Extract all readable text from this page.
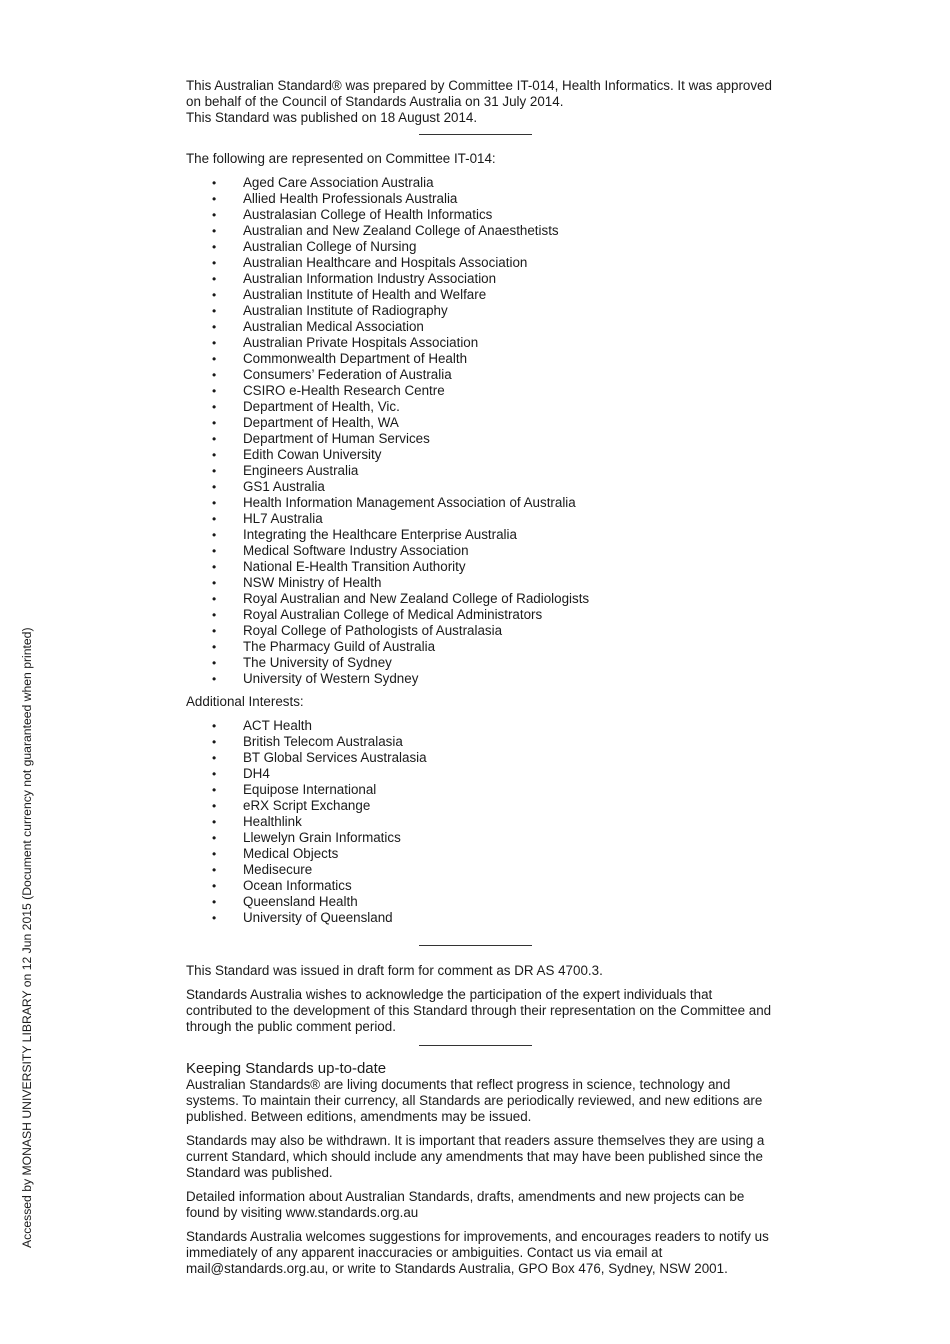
This Australian Standard® was prepared by Committee IT-014, Health Informatics. It was approved on behalf of the Council of Standards Australia on 31 July 2014.

This Standard was published on 18 August 2014.

The following are represented on Committee IT-014:

• Aged Care Association Australia
• Allied Health Professionals Australia
• Australasian College of Health Informatics
• Australian and New Zealand College of Anaesthetists
• Australian College of Nursing
• Australian Healthcare and Hospitals Association
• Australian Information Industry Association
• Australian Institute of Health and Welfare
• Australian Institute of Radiography
• Australian Medical Association
• Australian Private Hospitals Association
• Commonwealth Department of Health
• Consumers’ Federation of Australia
• CSIRO e-Health Research Centre
• Department of Health, Vic.
• Department of Health, WA
• Department of Human Services
• Edith Cowan University
• Engineers Australia
• GS1 Australia
• Health Information Management Association of Australia
• HL7 Australia
• Integrating the Healthcare Enterprise Australia
• Medical Software Industry Association
• National E-Health Transition Authority
• NSW Ministry of Health
• Royal Australian and New Zealand College of Radiologists
• Royal Australian College of Medical Administrators
• Royal College of Pathologists of Australasia
• The Pharmacy Guild of Australia
• The University of Sydney
• University of Western Sydney

Additional Interests:

• ACT Health
• British Telecom Australasia
• BT Global Services Australasia
• DH4
• Equipose International
• eRX Script Exchange
• Healthlink
• Llewelyn Grain Informatics
• Medical Objects
• Medisecure
• Ocean Informatics
• Queensland Health
• University of Queensland

This Standard was issued in draft form for comment as DR AS 4700.3.

Standards Australia wishes to acknowledge the participation of the expert individuals that contributed to the development of this Standard through their representation on the Committee and through the public comment period.

Keeping Standards up-to-date

Australian Standards® are living documents that reflect progress in science, technology and systems. To maintain their currency, all Standards are periodically reviewed, and new editions are published. Between editions, amendments may be issued.

Standards may also be withdrawn. It is important that readers assure themselves they are using a current Standard, which should include any amendments that may have been published since the Standard was published.

Detailed information about Australian Standards, drafts, amendments and new projects can be found by visiting www.standards.org.au

Standards Australia welcomes suggestions for improvements, and encourages readers to notify us immediately of any apparent inaccuracies or ambiguities. Contact us via email at mail@standards.org.au, or write to Standards Australia, GPO Box 476, Sydney, NSW 2001.

Accessed by MONASH UNIVERSITY LIBRARY on 12 Jun 2015 (Document currency not guaranteed when printed)
